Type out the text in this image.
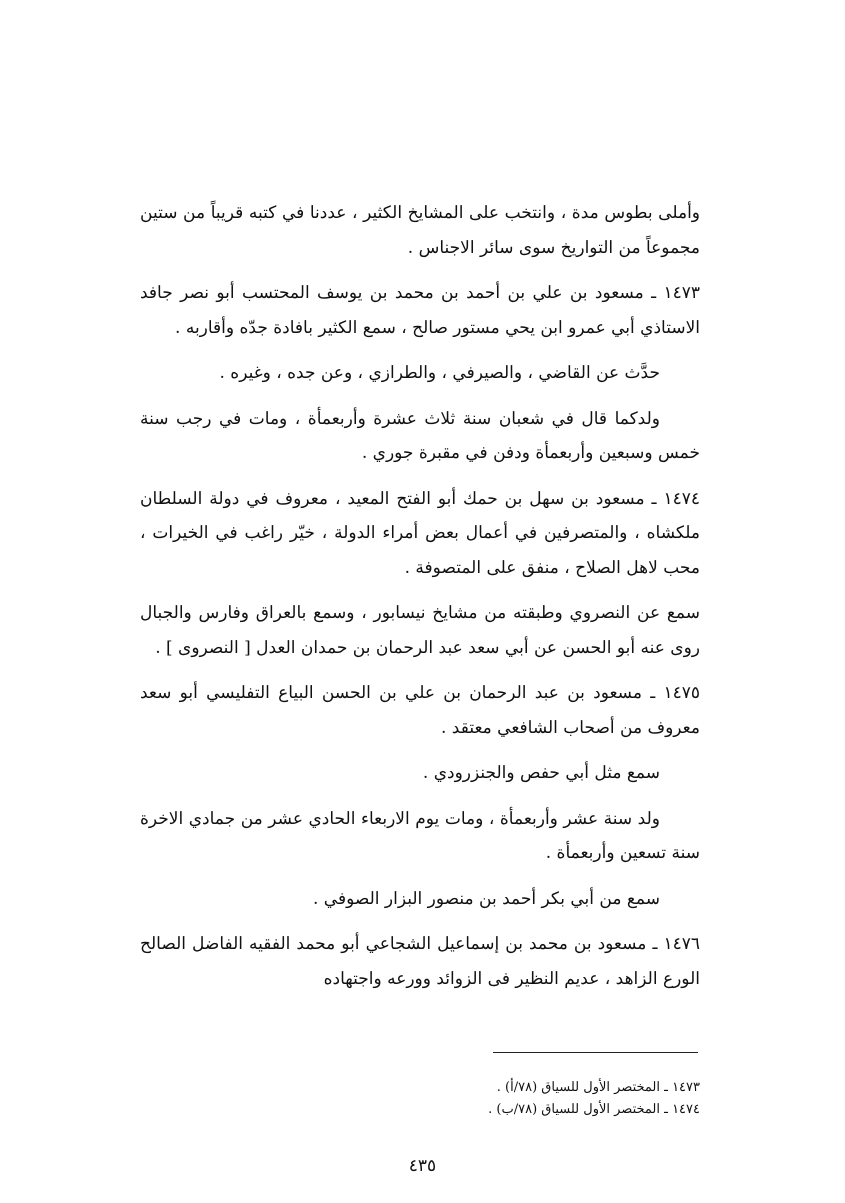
وأملى بطوس مدة ، وانتخب على المشايخ الكثير ، عددنا في كتبه قريباً من ستين مجموعاً من التواريخ سوى سائر الاجناس .

١٤٧٣ ـ مسعود بن علي بن أحمد بن محمد بن يوسف المحتسب أبو نصر جافد الاستاذي أبي عمرو ابن يحي مستور صالح ، سمع الكثير بافادة جدّه وأقاربه .

حدَّث عن القاضي ، والصيرفي ، والطرازي ، وعن جده ، وغيره .

ولدكما قال في شعبان سنة ثلاث عشرة وأربعمأة ، ومات في رجب سنة خمس وسبعين وأربعمأة ودفن في مقبرة جوري .

١٤٧٤ ـ مسعود بن سهل بن حمك أبو الفتح المعيد ، معروف في دولة السلطان ملكشاه ، والمتصرفين في أعمال بعض أمراء الدولة ، خيّر راغب في الخيرات ، محب لاهل الصلاح ، منفق على المتصوفة .

سمع عن النصروي وطبقته من مشايخ نيسابور ، وسمع بالعراق وفارس والجبال روى عنه أبو الحسن عن أبي سعد عبد الرحمان بن حمدان العدل [ النصروى ] .

١٤٧٥ ـ مسعود بن عبد الرحمان بن علي بن الحسن البياع التفليسي أبو سعد معروف من أصحاب الشافعي معتقد .

سمع مثل أبي حفص والجنزرودي .

ولد سنة عشر وأربعمأة ، ومات يوم الاربعاء الحادي عشر من جمادي الاخرة سنة تسعين وأربعمأة .

سمع من أبي بكر أحمد بن منصور البزار الصوفي .

١٤٧٦ ـ مسعود بن محمد بن إسماعيل الشجاعي أبو محمد الفقيه الفاضل الصالح الورع الزاهد ، عديم النظير فى الزوائد وورعه واجتهاده

١٤٧٣ ـ المختصر الأول للسياق (٧٨/أ) .

١٤٧٤ ـ المختصر الأول للسياق (٧٨/ب) .

٤٣٥
